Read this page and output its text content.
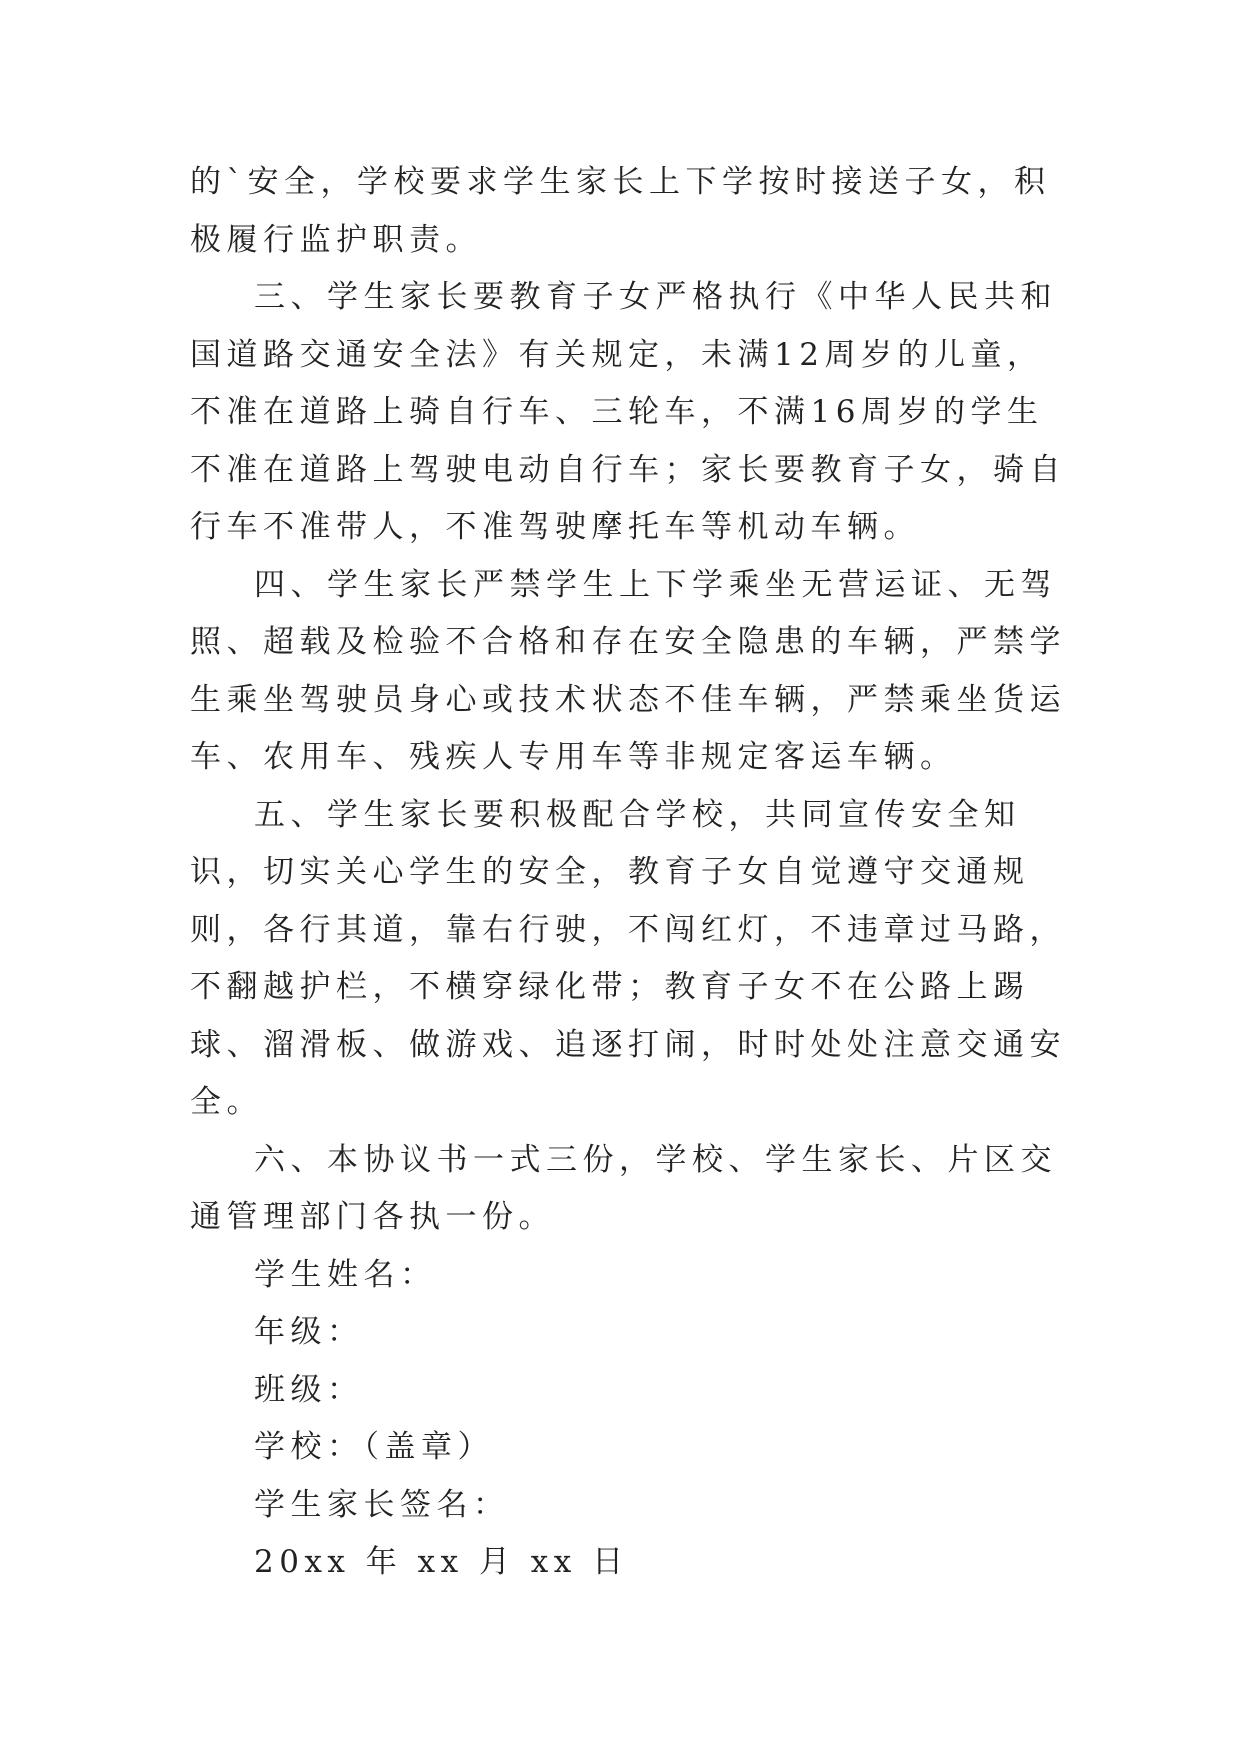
的`安全，学校要求学生家长上下学按时接送子女，积极履行监护职责。

三、学生家长要教育子女严格执行《中华人民共和国道路交通安全法》有关规定，未满12周岁的儿童，不准在道路上骑自行车、三轮车，不满16周岁的学生不准在道路上驾驶电动自行车；家长要教育子女，骑自行车不准带人，不准驾驶摩托车等机动车辆。

四、学生家长严禁学生上下学乘坐无营运证、无驾照、超载及检验不合格和存在安全隐患的车辆，严禁学生乘坐驾驶员身心或技术状态不佳车辆，严禁乘坐货运车、农用车、残疾人专用车等非规定客运车辆。

五、学生家长要积极配合学校，共同宣传安全知识，切实关心学生的安全，教育子女自觉遵守交通规则，各行其道，靠右行驶，不闯红灯，不违章过马路，不翻越护栏，不横穿绿化带；教育子女不在公路上踢球、溜滑板、做游戏、追逐打闹，时时处处注意交通安全。

六、本协议书一式三份，学校、学生家长、片区交通管理部门各执一份。

学生姓名：

年级：

班级：

学校：（盖章）

学生家长签名：

20xx 年 xx 月 xx 日
